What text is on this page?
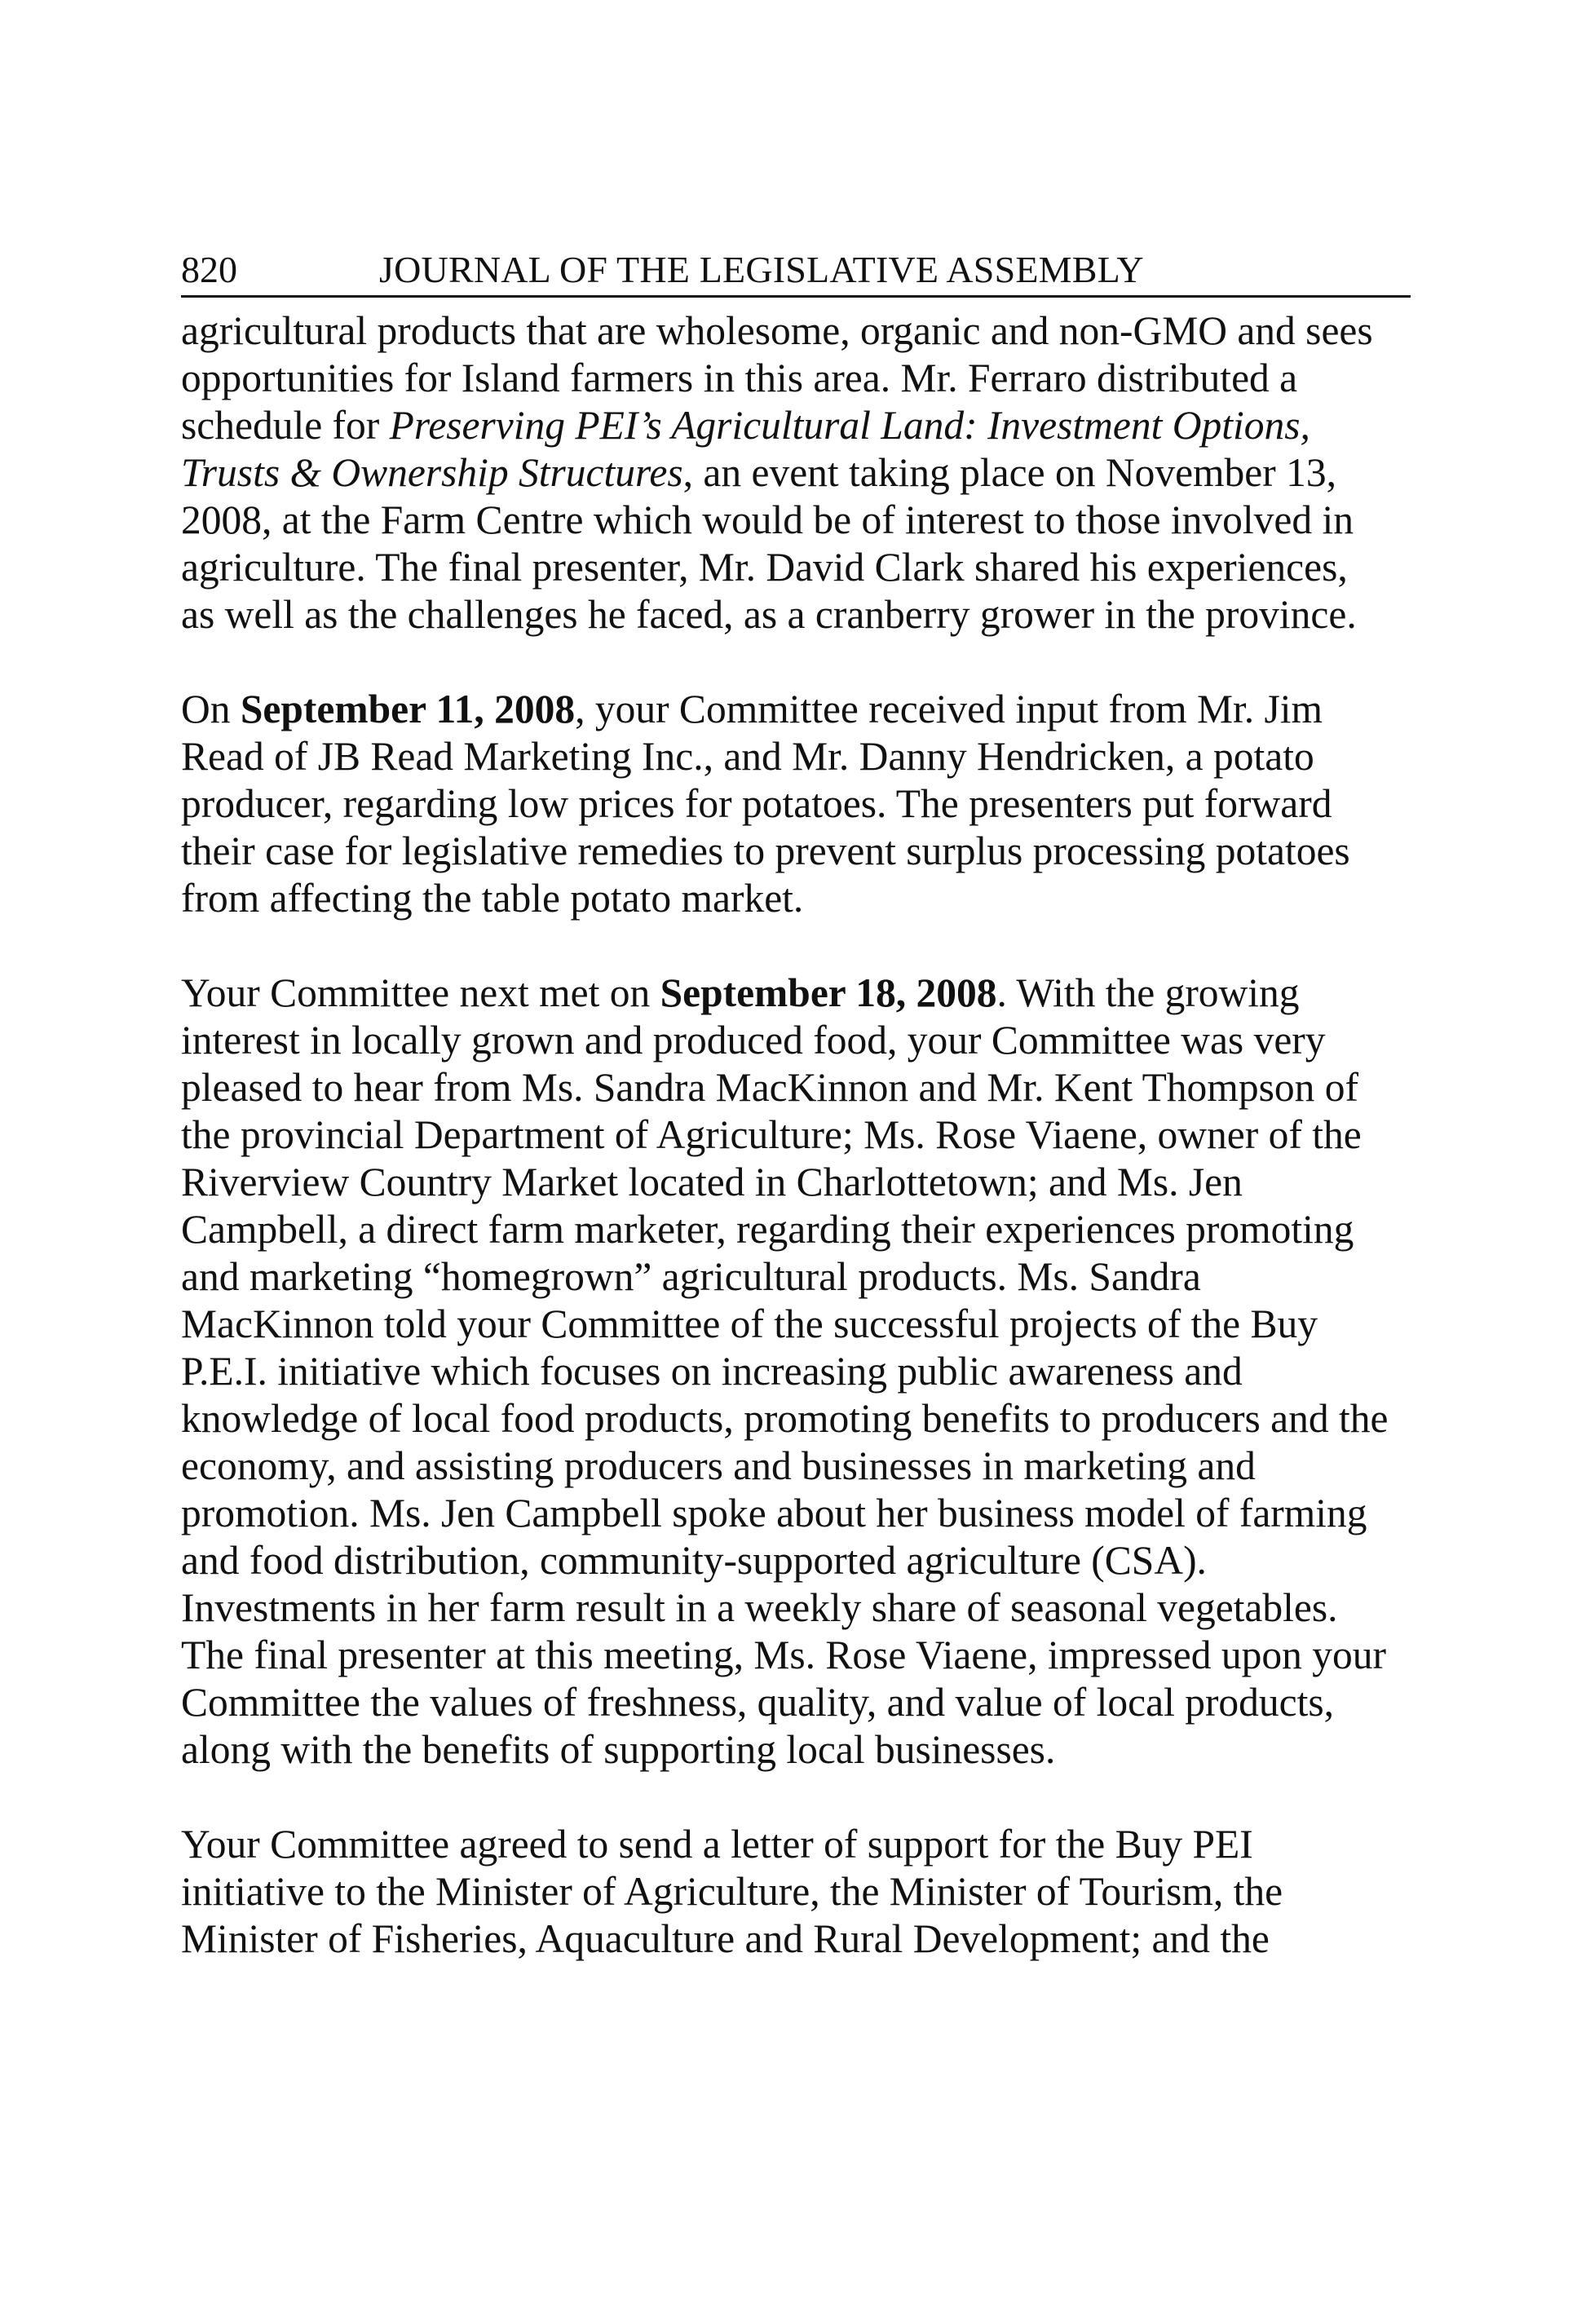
820	JOURNAL OF THE LEGISLATIVE ASSEMBLY

agricultural products that are wholesome, organic and non-GMO and sees
opportunities for Island farmers in this area. Mr. Ferraro distributed a
schedule for Preserving PEI’s Agricultural Land: Investment Options,
Trusts & Ownership Structures, an event taking place on November 13,
2008, at the Farm Centre which would be of interest to those involved in
agriculture. The final presenter, Mr. David Clark shared his experiences,
as well as the challenges he faced, as a cranberry grower in the province.

On September 11, 2008, your Committee received input from Mr. Jim
Read of JB Read Marketing Inc., and Mr. Danny Hendricken, a potato
producer, regarding low prices for potatoes. The presenters put forward
their case for legislative remedies to prevent surplus processing potatoes
from affecting the table potato market.

Your Committee next met on September 18, 2008. With the growing
interest in locally grown and produced food, your Committee was very
pleased to hear from Ms. Sandra MacKinnon and Mr. Kent Thompson of
the provincial Department of Agriculture; Ms. Rose Viaene, owner of the
Riverview Country Market located in Charlottetown; and Ms. Jen
Campbell, a direct farm marketer, regarding their experiences promoting
and marketing “homegrown” agricultural products. Ms. Sandra
MacKinnon told your Committee of the successful projects of the Buy
P.E.I. initiative which focuses on increasing public awareness and
knowledge of local food products, promoting benefits to producers and the
economy, and assisting producers and businesses in marketing and
promotion. Ms. Jen Campbell spoke about her business model of farming
and food distribution, community-supported agriculture (CSA).
Investments in her farm result in a weekly share of seasonal vegetables.
The final presenter at this meeting, Ms. Rose Viaene, impressed upon your
Committee the values of freshness, quality, and value of local products,
along with the benefits of supporting local businesses.

Your Committee agreed to send a letter of support for the Buy PEI
initiative to the Minister of Agriculture, the Minister of Tourism, the
Minister of Fisheries, Aquaculture and Rural Development; and the
